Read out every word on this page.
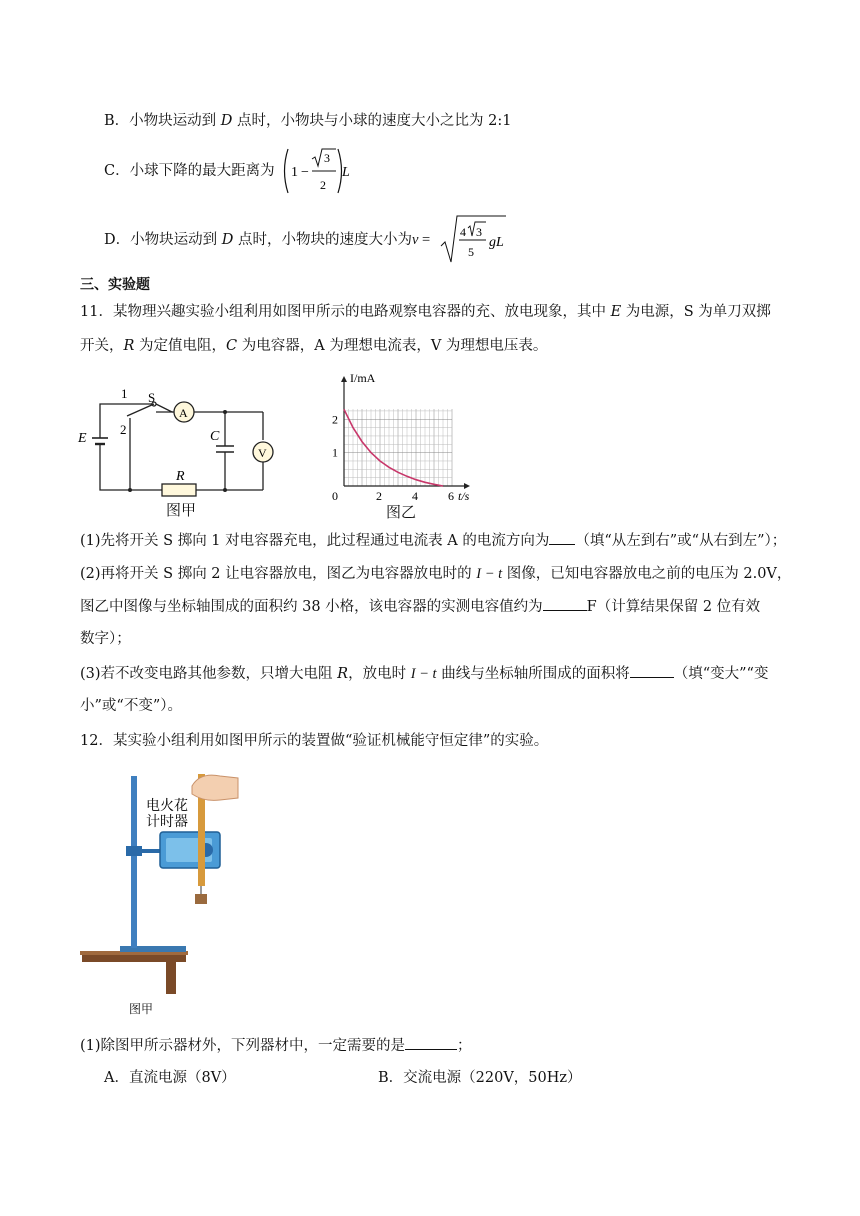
B．小物块运动到 D 点时，小物块与小球的速度大小之比为 2:1
C．小球下降的最大距离为 1 −
3
2
L
D．小物块运动到 D 点时，小物块的速度大小为v = 4 3
5
gL
三、实验题
11．某物理兴趣实验小组利用如图甲所示的电路观察电容器的充、放电现象，其中 E 为电源，S 为单刀双掷
开关，R 为定值电阻，C 为电容器，A 为理想电流表，V 为理想电压表。
1 S
A
V
2	C
E
R
图甲
0	2	4	6
1
2
t/s
I/mA
图乙
(1)先将开关 S 掷向 1 对电容器充电，此过程通过电流表 A 的电流方向为 （填“从左到右”或“从右到左”）；
(2)再将开关 S 掷向 2 让电容器放电，图乙为电容器放电时的 I − t 图像，已知电容器放电之前的电压为 2.0V，
图乙中图像与坐标轴围成的面积约 38 小格，该电容器的实测电容值约为	F（计算结果保留 2 位有效
数字）；
(3)若不改变电路其他参数，只增大电阻 R，放电时 I − t 曲线与坐标轴所围成的面积将	（填“变大”“变
小”或“不变”）。
12．某实验小组利用如图甲所示的装置做“验证机械能守恒定律”的实验。
电火花
计时器
图甲
(1)除图甲所示器材外，下列器材中，一定需要的是	；
A．直流电源（8V）	B．交流电源（220V，50Hz）
